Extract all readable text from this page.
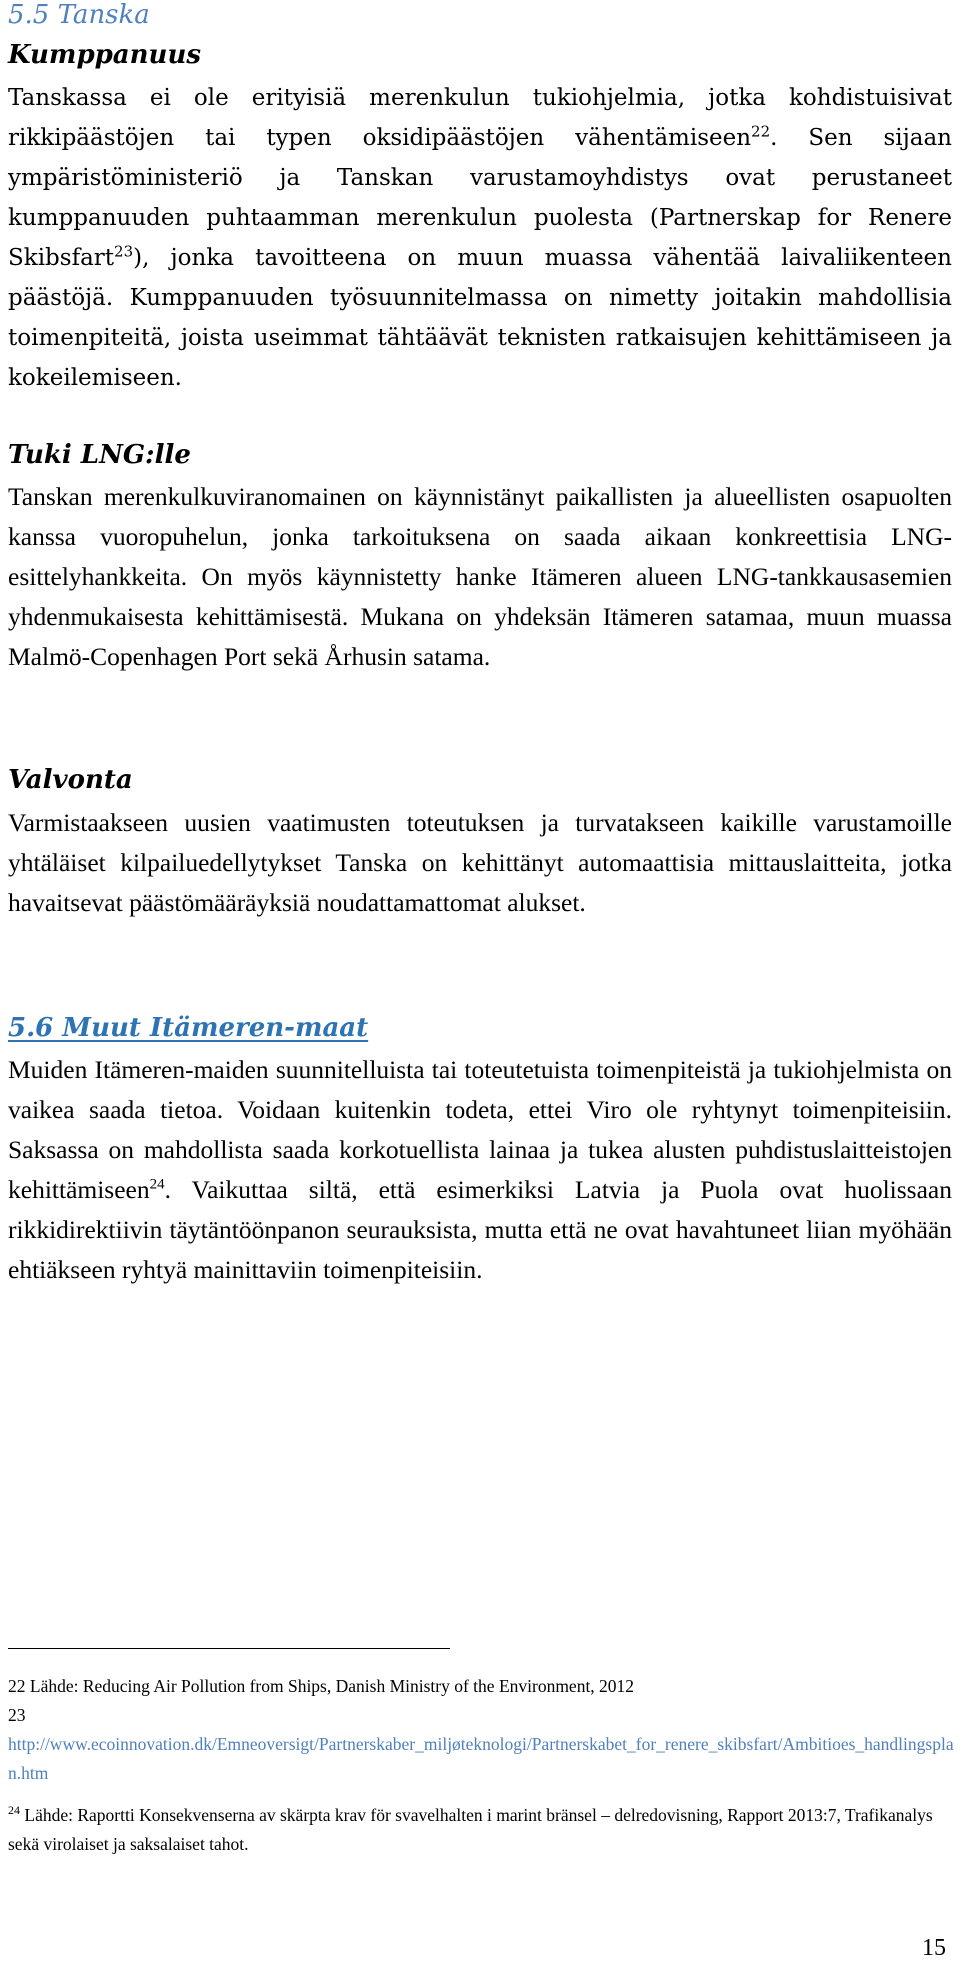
5.5 Tanska
Kumppanuus

Tanskassa ei ole erityisiä merenkulun tukiohjelmia, jotka kohdistuisivat rikkipäästöjen tai typen oksidipäästöjen vähentämiseen$^{22}$. Sen sijaan ympäristöministeriö ja Tanskan varustamoyhdistys ovat perustaneet kumppanuuden puhtaamman merenkulun puolesta (Partnerskap for Renere Skibsfart$^{23}$), jonka tavoitteena on muun muassa vähentää laivaliikenteen päästöjä. Kumppanuuden työsuunnitelmassa on nimetty joitakin mahdollisia toimenpiteitä, joista useimmat tähtäävät teknisten ratkaisujen kehittämiseen ja kokeilemiseen.

Tuki LNG:lle

Tanskan merenkulkuviranomainen on käynnistänyt paikallisten ja alueellisten osapuolten kanssa vuoropuhelun, jonka tarkoituksena on saada aikaan konkreettisia LNG-esittelyhankkeita. On myös käynnistetty hanke Itämeren alueen LNG-tankkausasemien yhdenmukaisesta kehittämisestä. Mukana on yhdeksän Itämeren satamaa, muun muassa Malmö-Copenhagen Port sekä Århusin satama.

Valvonta

Varmistaakseen uusien vaatimusten toteutuksen ja turvatakseen kaikille varustamoille yhtäläiset kilpailuedellytykset Tanska on kehittänyt automaattisia mittauslaitteita, jotka havaitsevat päästömääräyksiä noudattamattomat alukset.

5.6 Muut Itämeren-maat

Muiden Itämeren-maiden suunnitelluista tai toteutetuista toimenpiteistä ja tukiohjelmista on vaikea saada tietoa. Voidaan kuitenkin todeta, ettei Viro ole ryhtynyt toimenpiteisiin. Saksassa on mahdollista saada korkotuellista lainaa ja tukea alusten puhdistuslaitteistojen kehittämiseen$^{24}$. Vaikuttaa siltä, että esimerkiksi Latvia ja Puola ovat huolissaan rikkidirektiivin täytäntöönpanon seurauksista, mutta että ne ovat havahtuneet liian myöhään ehtiäkseen ryhtyä mainittaviin toimenpiteisiin.

22 Lähde: Reducing Air Pollution from Ships, Danish Ministry of the Environment, 2012

23

http://www.ecoinnovation.dk/Emneoversigt/Partnerskaber_miljøteknologi/Partnerskabet_for_renere_skibsfart/Ambitioes_handlingsplan.htm

$^{24}$ Lähde: Raportti Konsekvenserna av skärpta krav för svavelhalten i marint bränsel – delredovisning, Rapport 2013:7, Trafikanalys sekä virolaiset ja saksalaiset tahot.

15
